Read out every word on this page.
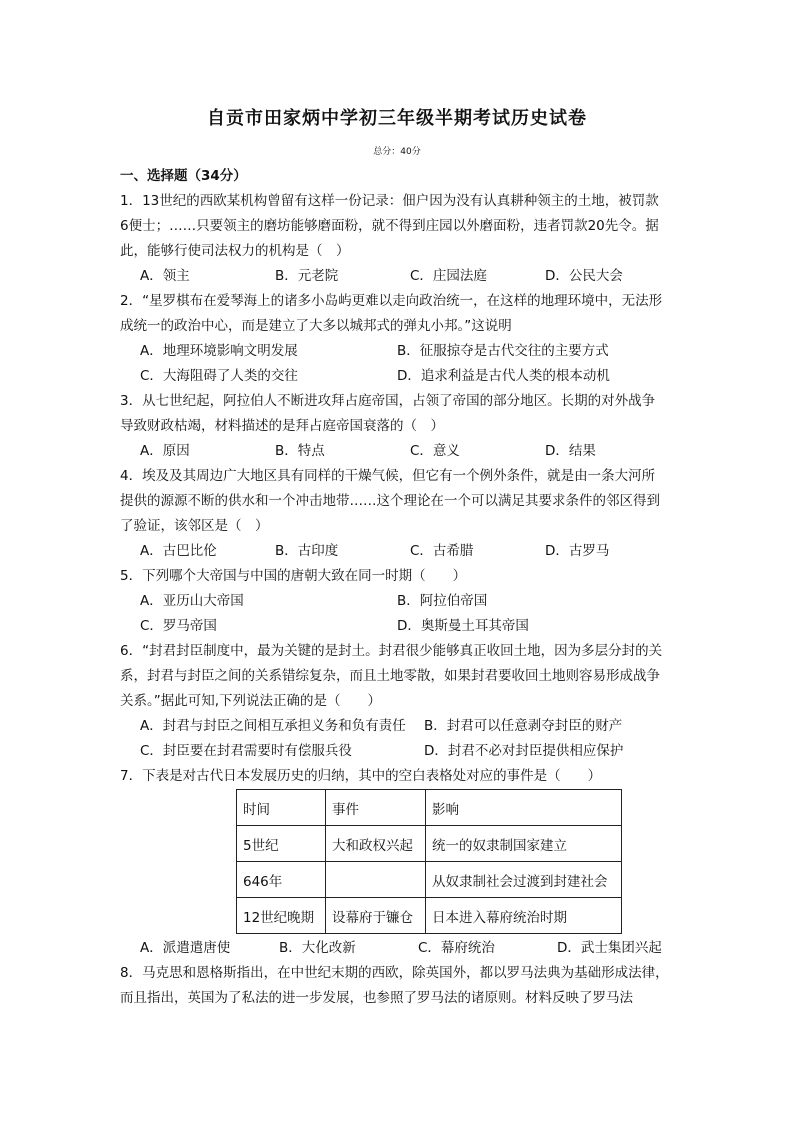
自贡市田家炳中学初三年级半期考试历史试卷
总分：40分
一、选择题（34分）
1．13世纪的西欧某机构曾留有这样一份记录：佃户因为没有认真耕种领主的土地，被罚款
6便士；……只要领主的磨坊能够磨面粉，就不得到庄园以外磨面粉，违者罚款20先令。据
此，能够行使司法权力的机构是（　）
A．领主	B．元老院	C．庄园法庭	D．公民大会
2．“星罗棋布在爱琴海上的诸多小岛屿更难以走向政治统一，在这样的地理环境中，无法形
成统一的政治中心，而是建立了大多以城邦式的弹丸小邦。”这说明
A．地理环境影响文明发展	B．征服掠夺是古代交往的主要方式
C．大海阻碍了人类的交往	D．追求利益是古代人类的根本动机
3．从七世纪起，阿拉伯人不断进攻拜占庭帝国，占领了帝国的部分地区。长期的对外战争
导致财政枯竭，材料描述的是拜占庭帝国衰落的（　）
A．原因	B．特点	C．意义	D．结果
4．埃及及其周边广大地区具有同样的干燥气候，但它有一个例外条件，就是由一条大河所
提供的源源不断的供水和一个冲击地带……这个理论在一个可以满足其要求条件的邻区得到
了验证，该邻区是（　）
A．古巴比伦	B．古印度	C．古希腊	D．古罗马
5．下列哪个大帝国与中国的唐朝大致在同一时期（　　）
A．亚历山大帝国	B．阿拉伯帝国
C．罗马帝国	D．奥斯曼土耳其帝国
6．“封君封臣制度中，最为关键的是封土。封君很少能够真正收回土地，因为多层分封的关
系，封君与封臣之间的关系错综复杂，而且土地零散，如果封君要收回土地则容易形成战争
关系。”据此可知,下列说法正确的是（　　）
A．封君与封臣之间相互承担义务和负有责任	B．封君可以任意剥夺封臣的财产
C．封臣要在封君需要时有偿服兵役	D．封君不必对封臣提供相应保护
7．下表是对古代日本发展历史的归纳，其中的空白表格处对应的事件是（　　）
时间	事件	影响
5世纪	大和政权兴起	统一的奴隶制国家建立
646年		从奴隶制社会过渡到封建社会
12世纪晚期	设幕府于镰仓	日本进入幕府统治时期
A．派遣遣唐使	B．大化改新	C．幕府统治	D．武士集团兴起
8．马克思和恩格斯指出，在中世纪末期的西欧，除英国外，都以罗马法典为基础形成法律，
而且指出，英国为了私法的进一步发展，也参照了罗马法的诸原则。材料反映了罗马法
